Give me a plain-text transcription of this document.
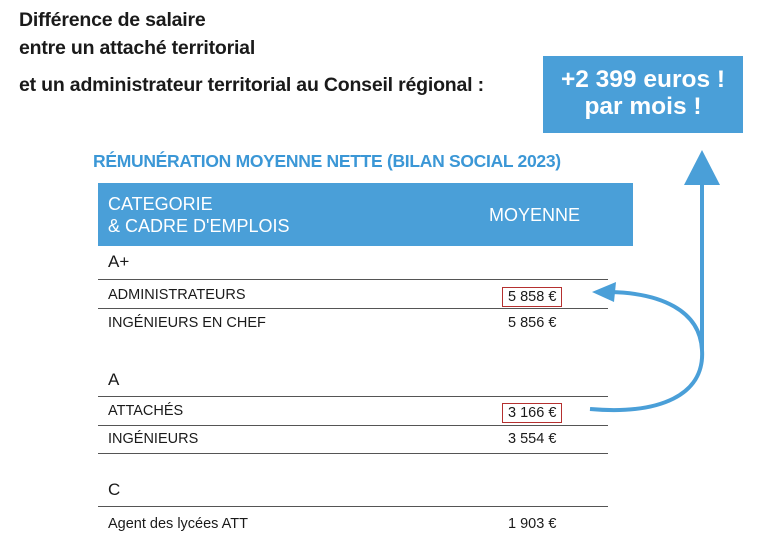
Différence de salaire
entre un attaché territorial
et un administrateur territorial au Conseil régional :	+2 399 euros !
par mois !
RÉMUNÉRATION MOYENNE NETTE (BILAN SOCIAL 2023)
CATEGORIE
& CADRE D'EMPLOIS
MOYENNE
A+
ADMINISTRATEURS	5 858 €
INGÉNIEURS EN CHEF	5 856 €
A
ATTACHÉS	3 166 €
INGÉNIEURS	3 554 €
C
Agent des lycées ATT	1 903 €
